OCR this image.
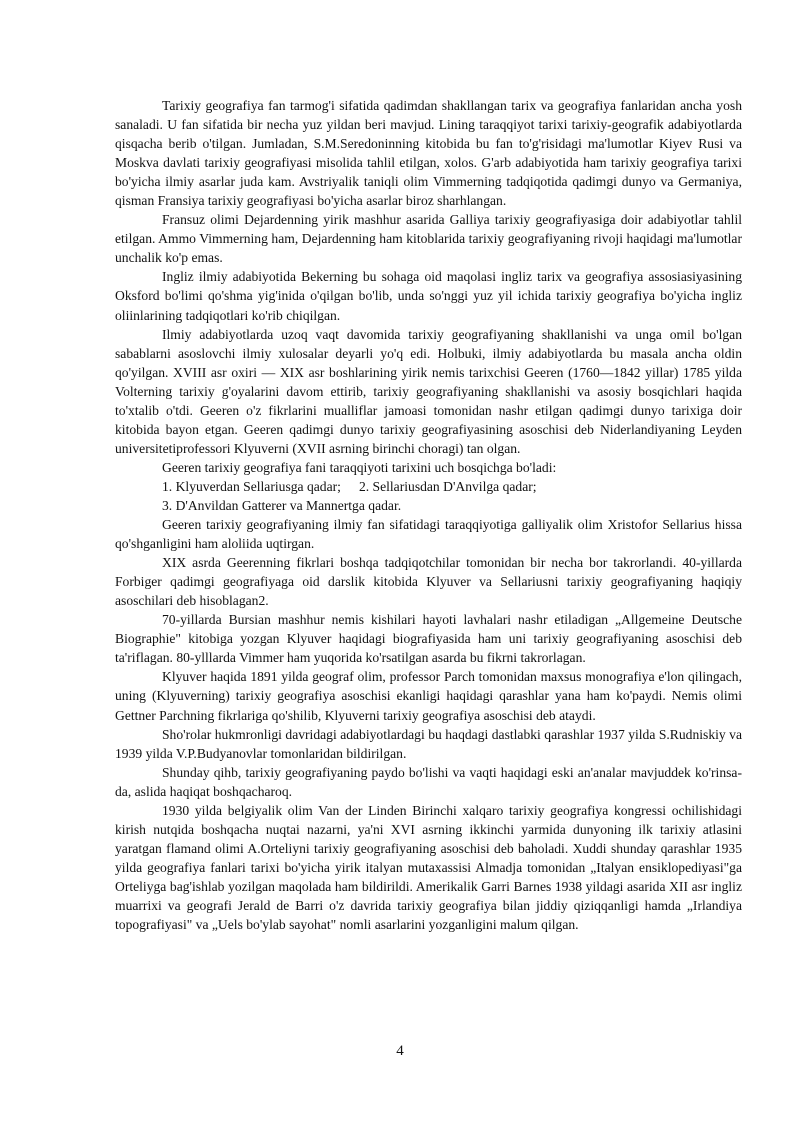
Tarixiy geografiya fan tarmog'i sifatida qadimdan shakllangan tarix va geografiya fanlaridan ancha yosh sanaladi. U fan sifatida bir necha yuz yildan beri mavjud. Lining taraqqiyot tarixi tarixiy-geografik adabiyotlarda qisqacha berib o'tilgan. Jumladan, S.M.Seredoninning kitobida bu fan to'g'risidagi ma'lumotlar Kiyev Rusi va Moskva davlati tarixiy geografiyasi misolida tahlil etilgan, xolos. G'arb adabiyotida ham tarixiy geografiya tarixi bo'yicha ilmiy asarlar juda kam. Avstriyalik taniqli olim Vimmerning tadqiqotida qadimgi dunyo va Germaniya, qisman Fransiya tarixiy geografiyasi bo'yicha asarlar biroz sharhlangan.

Fransuz olimi Dejardenning yirik mashhur asarida Galliya tarixiy geografiyasiga doir adabiyotlar tahlil etilgan. Ammo Vimmerning ham, Dejardenning ham kitoblarida tarixiy geografiyaning rivoji haqidagi ma'lumotlar unchalik ko'p emas.

Ingliz ilmiy adabiyotida Bekerning bu sohaga oid maqolasi ingliz tarix va geografiya assosiasiyasining Oksford bo'limi qo'shma yig'inida o'qilgan bo'lib, unda so'nggi yuz yil ichida tarixiy geografiya bo'yicha ingliz oliinlarining tadqiqotlari ko'rib chiqilgan.

Ilmiy adabiyotlarda uzoq vaqt davomida tarixiy geografiyaning shakllanishi va unga omil bo'lgan sabablarni asoslovchi ilmiy xulosalar deyarli yo'q edi. Holbuki, ilmiy adabiyotlarda bu masala ancha oldin qo'yilgan. XVIII asr oxiri — XIX asr boshlarining yirik nemis tarixchisi Geeren (1760—1842 yillar) 1785 yilda Volterning tarixiy g'oyalarini davom ettirib, tarixiy geografiyaning shakllanishi va asosiy bosqichlari haqida to'xtalib o'tdi. Geeren o'z fikrlarini mualliflar jamoasi tomonidan nashr etilgan qadimgi dunyo tarixiga doir kitobida bayon etgan. Geeren qadimgi dunyo tarixiy geografiyasining asoschisi deb Niderlandiyaning Leyden universitetiprofessori Klyuverni (XVII asrning birinchi choragi) tan olgan.

Geeren tarixiy geografiya fani taraqqiyoti tarixini uch bosqichga bo'ladi:

1. Klyuverdan Sellariusga qadar; 2. Sellariusdan D'Anvilga qadar;

3. D'Anvildan Gatterer va Mannertga qadar.

Geeren tarixiy geografiyaning ilmiy fan sifatidagi taraqqiyotiga galliyalik olim Xristofor Sellarius hissa qo'shganligini ham aloliida uqtirgan.

XIX asrda Geerenning fikrlari boshqa tadqiqotchilar tomonidan bir necha bor takrorlandi. 40-yillarda Forbiger qadimgi geografiyaga oid darslik kitobida Klyuver va Sellariusni tarixiy geografiyaning haqiqiy asoschilari deb hisoblagan2.

70-yillarda Bursian mashhur nemis kishilari hayoti lavhalari nashr etiladigan „Allgemeine Deutsche Biographie" kitobiga yozgan Klyuver haqidagi biografiyasida ham uni tarixiy geografiyaning asoschisi deb ta'riflagan. 80-ylllarda Vimmer ham yuqorida ko'rsatilgan asarda bu fikrni takrorlagan.

Klyuver haqida 1891 yilda geograf olim, professor Parch tomonidan maxsus monografiya e'lon qilingach, uning (Klyuverning) tarixiy geografiya asoschisi ekanligi haqidagi qarashlar yana ham ko'paydi. Nemis olimi Gettner Parchning fikrlariga qo'shilib, Klyuverni tarixiy geografiya asoschisi deb ataydi.

Sho'rolar hukmronligi davridagi adabiyotlardagi bu haqdagi dastlabki qarashlar 1937 yilda S.Rudniskiy va 1939 yilda V.P.Budyanovlar tomonlaridan bildirilgan.

Shunday qihb, tarixiy geografiyaning paydo bo'lishi va vaqti haqidagi eski an'analar mavjuddek ko'rinsa-da, aslida haqiqat boshqacharoq.

1930 yilda belgiyalik olim Van der Linden Birinchi xalqaro tarixiy geografiya kongressi ochilishidagi kirish nutqida boshqacha nuqtai nazarni, ya'ni XVI asrning ikkinchi yarmida dunyoning ilk tarixiy atlasini yaratgan flamand olimi A.Orteliyni tarixiy geografiyaning asoschisi deb baholadi. Xuddi shunday qarashlar 1935 yilda geografiya fanlari tarixi bo'yicha yirik italyan mutaxassisi Almadja tomonidan „Italyan ensiklopediyasi"ga Orteliyga bag'ishlab yozilgan maqolada ham bildirildi. Amerikalik Garri Barnes 1938 yildagi asarida XII asr ingliz muarrixi va geografi Jerald de Barri o'z davrida tarixiy geografiya bilan jiddiy qiziqqanligi hamda „Irlandiya topografiyasi" va „Uels bo'ylab sayohat" nomli asarlarini yozganligini malum qilgan.

4
